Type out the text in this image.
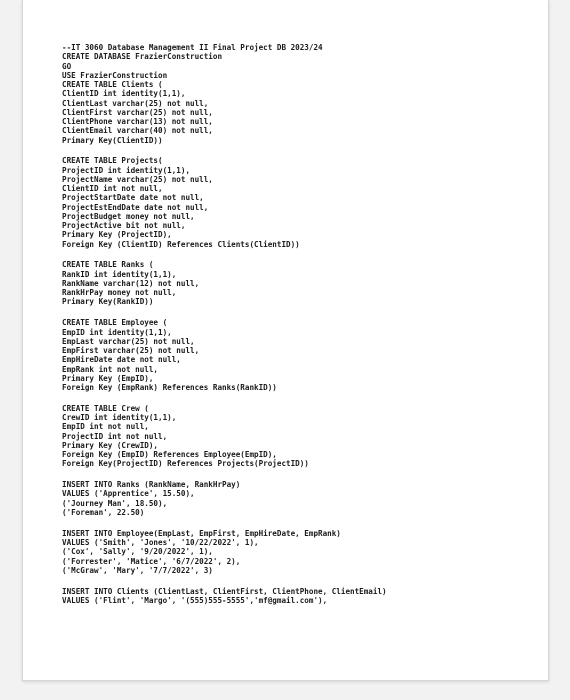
--IT 3060 Database Management II Final Project DB 2023/24
CREATE DATABASE FrazierConstruction
GO
USE FrazierConstruction
CREATE TABLE Clients (
ClientID int identity(1,1),
ClientLast varchar(25) not null,
ClientFirst varchar(25) not null,
ClientPhone varchar(13) not null,
ClientEmail varchar(40) not null,
Primary Key(ClientID))
CREATE TABLE Projects(
ProjectID int identity(1,1),
ProjectName varchar(25) not null,
ClientID int not null,
ProjectStartDate date not null,
ProjectEstEndDate date not null,
ProjectBudget money not null,
ProjectActive bit not null,
Primary Key (ProjectID),
Foreign Key (ClientID) References Clients(ClientID))
CREATE TABLE Ranks (
RankID int identity(1,1),
RankName varchar(12) not null,
RankHrPay money not null,
Primary Key(RankID))
CREATE TABLE Employee (
EmpID int identity(1,1),
EmpLast varchar(25) not null,
EmpFirst varchar(25) not null,
EmpHireDate date not null,
EmpRank int not null,
Primary Key (EmpID),
Foreign Key (EmpRank) References Ranks(RankID))
CREATE TABLE Crew (
CrewID int identity(1,1),
EmpID int not null,
ProjectID int not null,
Primary Key (CrewID),
Foreign Key (EmpID) References Employee(EmpID),
Foreign Key(ProjectID) References Projects(ProjectID))
INSERT INTO Ranks (RankName, RankHrPay)
VALUES ('Apprentice', 15.50),
('Journey Man', 18.50),
('Foreman', 22.50)
INSERT INTO Employee(EmpLast, EmpFirst, EmpHireDate, EmpRank)
VALUES ('Smith', 'Jones', '10/22/2022', 1),
('Cox', 'Sally', '9/20/2022', 1),
('Forrester', 'Matice', '6/7/2022', 2),
('McGraw', 'Mary', '7/7/2022', 3)
INSERT INTO Clients (ClientLast, ClientFirst, ClientPhone, ClientEmail)
VALUES ('Flint', 'Margo', '(555)555-5555','mf@gmail.com'),
